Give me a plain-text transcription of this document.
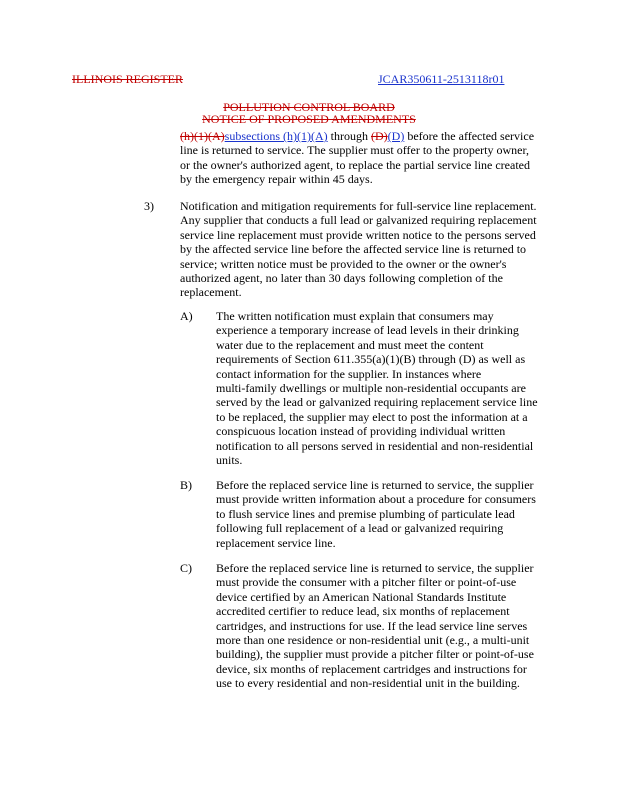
ILLINOIS REGISTER	JCAR350611-2513118r01
POLLUTION CONTROL BOARD
NOTICE OF PROPOSED AMENDMENTS
(h)(1)(A)subsections (h)(1)(A) through (D)(D) before the affected service
line is returned to service. The supplier must offer to the property owner,
or the owner's authorized agent, to replace the partial service line created
by the emergency repair within 45 days.
3) Notification and mitigation requirements for full-service line replacement.
Any supplier that conducts a full lead or galvanized requiring replacement
service line replacement must provide written notice to the persons served
by the affected service line before the affected service line is returned to
service; written notice must be provided to the owner or the owner's
authorized agent, no later than 30 days following completion of the
replacement.
A) The written notification must explain that consumers may
experience a temporary increase of lead levels in their drinking
water due to the replacement and must meet the content
requirements of Section 611.355(a)(1)(B) through (D) as well as
contact information for the supplier. In instances where
multi-family dwellings or multiple non-residential occupants are
served by the lead or galvanized requiring replacement service line
to be replaced, the supplier may elect to post the information at a
conspicuous location instead of providing individual written
notification to all persons served in residential and non-residential
units.
B) Before the replaced service line is returned to service, the supplier
must provide written information about a procedure for consumers
to flush service lines and premise plumbing of particulate lead
following full replacement of a lead or galvanized requiring
replacement service line.
C) Before the replaced service line is returned to service, the supplier
must provide the consumer with a pitcher filter or point-of-use
device certified by an American National Standards Institute
accredited certifier to reduce lead, six months of replacement
cartridges, and instructions for use. If the lead service line serves
more than one residence or non-residential unit (e.g., a multi-unit
building), the supplier must provide a pitcher filter or point-of-use
device, six months of replacement cartridges and instructions for
use to every residential and non-residential unit in the building.
